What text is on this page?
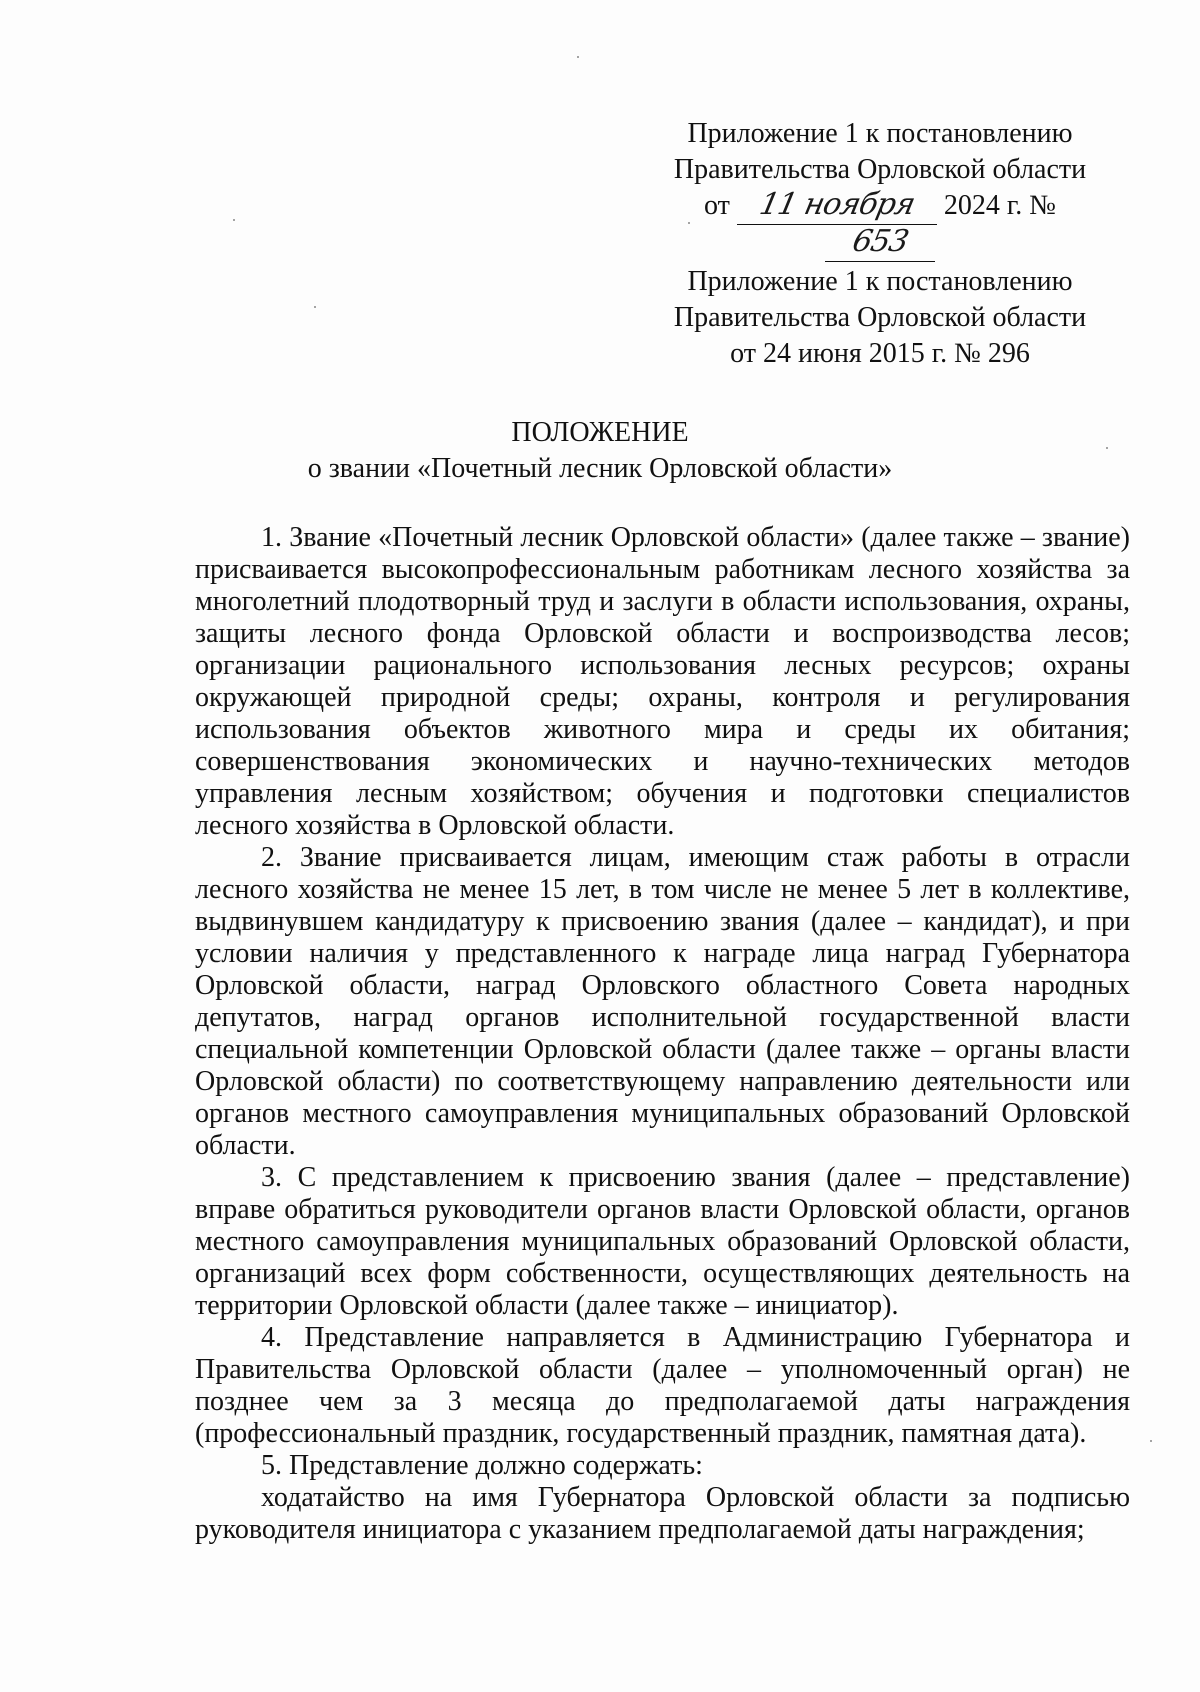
Приложение 1 к постановлению
Правительства Орловской области
от 11 ноября 2024 г. № 653
Приложение 1 к постановлению
Правительства Орловской области
от 24 июня 2015 г. № 296
ПОЛОЖЕНИЕ
о звании «Почетный лесник Орловской области»

1. Звание «Почетный лесник Орловской области» (далее также – звание) присваивается высокопрофессиональным работникам лесного хозяйства за многолетний плодотворный труд и заслуги в области использования, охраны, защиты лесного фонда Орловской области и воспроизводства лесов; организации рационального использования лесных ресурсов; охраны окружающей природной среды; охраны, контроля и регулирования использования объектов животного мира и среды их обитания; совершенствования экономических и научно-технических методов управления лесным хозяйством; обучения и подготовки специалистов лесного хозяйства в Орловской области.

2. Звание присваивается лицам, имеющим стаж работы в отрасли лесного хозяйства не менее 15 лет, в том числе не менее 5 лет в коллективе, выдвинувшем кандидатуру к присвоению звания (далее – кандидат), и при условии наличия у представленного к награде лица наград Губернатора Орловской области, наград Орловского областного Совета народных депутатов, наград органов исполнительной государственной власти специальной компетенции Орловской области (далее также – органы власти Орловской области) по соответствующему направлению деятельности или органов местного самоуправления муниципальных образований Орловской области.

3. С представлением к присвоению звания (далее – представление) вправе обратиться руководители органов власти Орловской области, органов местного самоуправления муниципальных образований Орловской области, организаций всех форм собственности, осуществляющих деятельность на территории Орловской области (далее также – инициатор).

4. Представление направляется в Администрацию Губернатора и Правительства Орловской области (далее – уполномоченный орган) не позднее чем за 3 месяца до предполагаемой даты награждения (профессиональный праздник, государственный праздник, памятная дата).

5. Представление должно содержать:

ходатайство на имя Губернатора Орловской области за подписью руководителя инициатора с указанием предполагаемой даты награждения;
